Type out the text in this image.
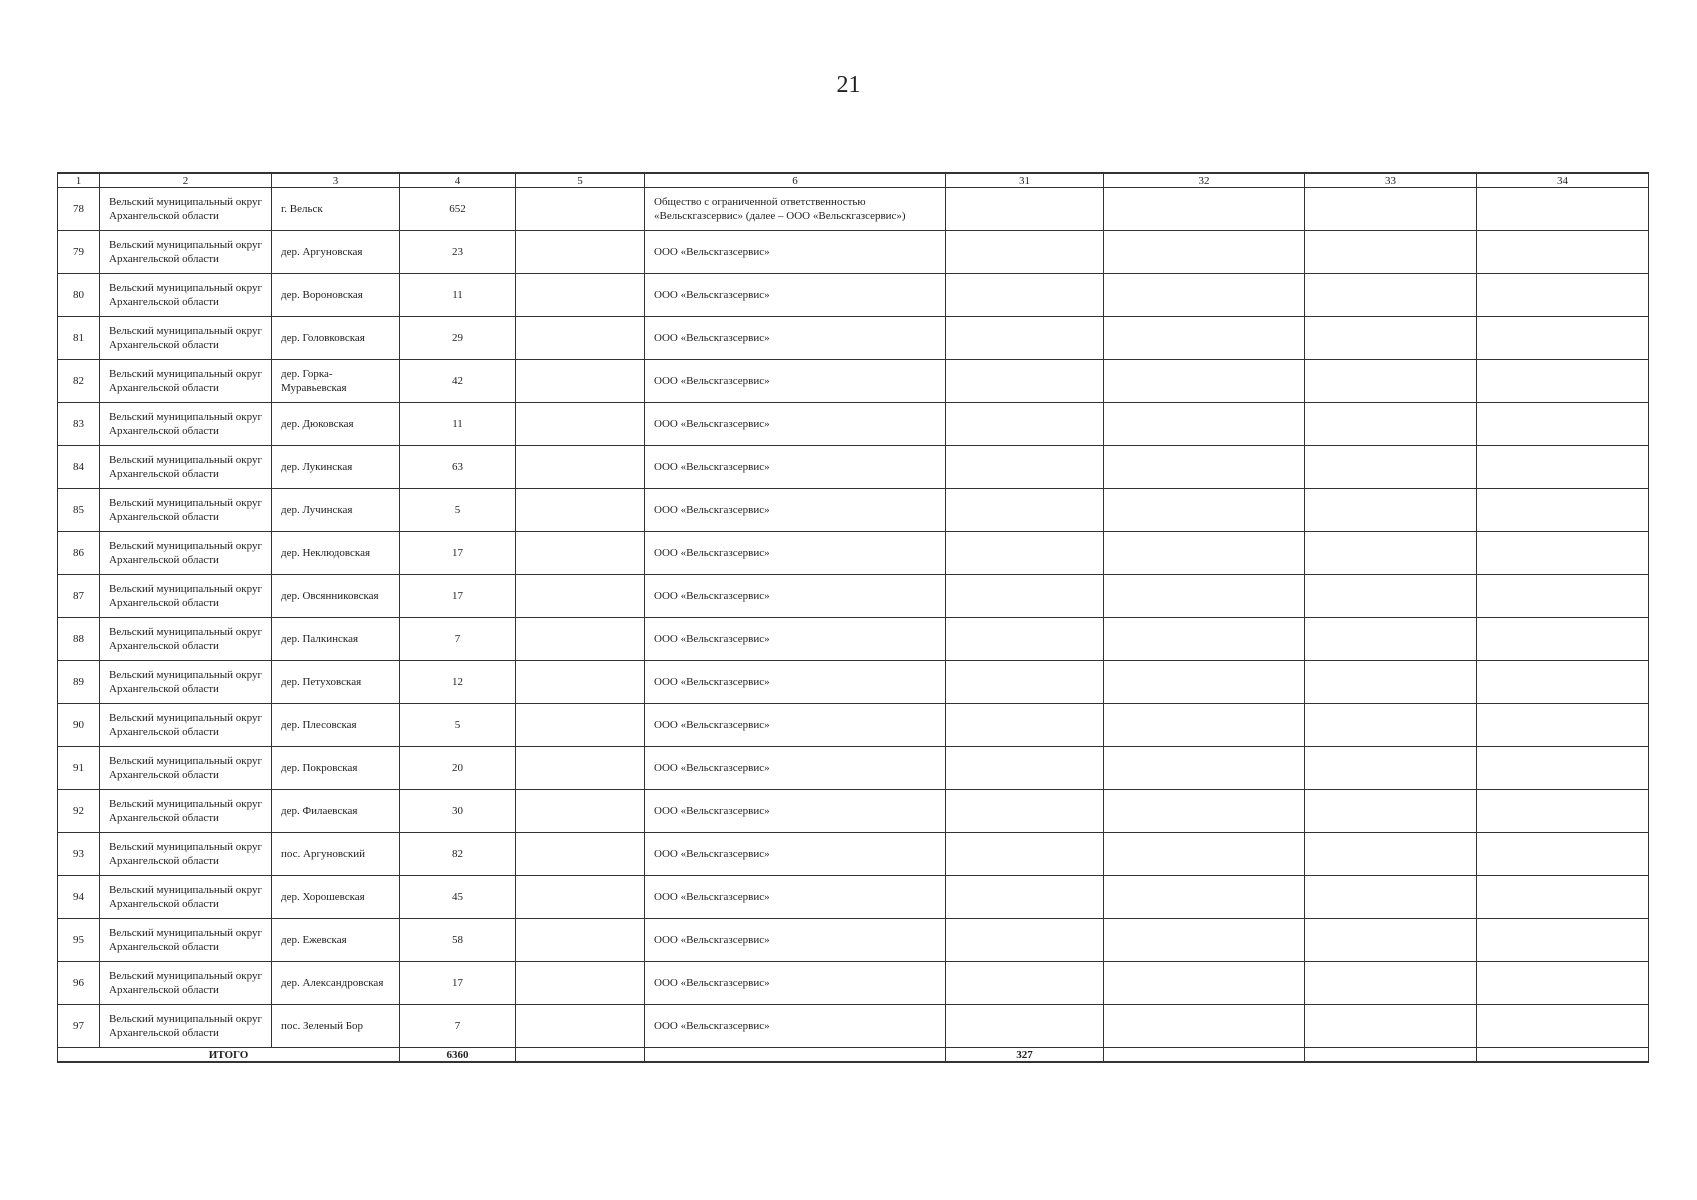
21
1	2	3	4	5	6	31	32	33	34
78	Вельский муниципальный округ Архангельской области	г. Вельск	652		Общество с ограниченной ответственностью «Вельскгазсервис» (далее – ООО «Вельскгазсервис»)				
79	Вельский муниципальный округ Архангельской области	дер. Аргуновская	23		ООО «Вельскгазсервис»				
80	Вельский муниципальный округ Архангельской области	дер. Вороновская	11		ООО «Вельскгазсервис»				
81	Вельский муниципальный округ Архангельской области	дер. Головковская	29		ООО «Вельскгазсервис»				
82	Вельский муниципальный округ Архангельской области	дер. Горка-Муравьевская	42		ООО «Вельскгазсервис»				
83	Вельский муниципальный округ Архангельской области	дер. Дюковская	11		ООО «Вельскгазсервис»				
84	Вельский муниципальный округ Архангельской области	дер. Лукинская	63		ООО «Вельскгазсервис»				
85	Вельский муниципальный округ Архангельской области	дер. Лучинская	5		ООО «Вельскгазсервис»				
86	Вельский муниципальный округ Архангельской области	дер. Неклюдовская	17		ООО «Вельскгазсервис»				
87	Вельский муниципальный округ Архангельской области	дер. Овсянниковская	17		ООО «Вельскгазсервис»				
88	Вельский муниципальный округ Архангельской области	дер. Палкинская	7		ООО «Вельскгазсервис»				
89	Вельский муниципальный округ Архангельской области	дер. Петуховская	12		ООО «Вельскгазсервис»				
90	Вельский муниципальный округ Архангельской области	дер. Плесовская	5		ООО «Вельскгазсервис»				
91	Вельский муниципальный округ Архангельской области	дер. Покровская	20		ООО «Вельскгазсервис»				
92	Вельский муниципальный округ Архангельской области	дер. Филаевская	30		ООО «Вельскгазсервис»				
93	Вельский муниципальный округ Архангельской области	пос. Аргуновский	82		ООО «Вельскгазсервис»				
94	Вельский муниципальный округ Архангельской области	дер. Хорошевская	45		ООО «Вельскгазсервис»				
95	Вельский муниципальный округ Архангельской области	дер. Ежевская	58		ООО «Вельскгазсервис»				
96	Вельский муниципальный округ Архангельской области	дер. Александровская	17		ООО «Вельскгазсервис»				
97	Вельский муниципальный округ Архангельской области	пос. Зеленый Бор	7		ООО «Вельскгазсервис»				
ИТОГО			6360			327			
